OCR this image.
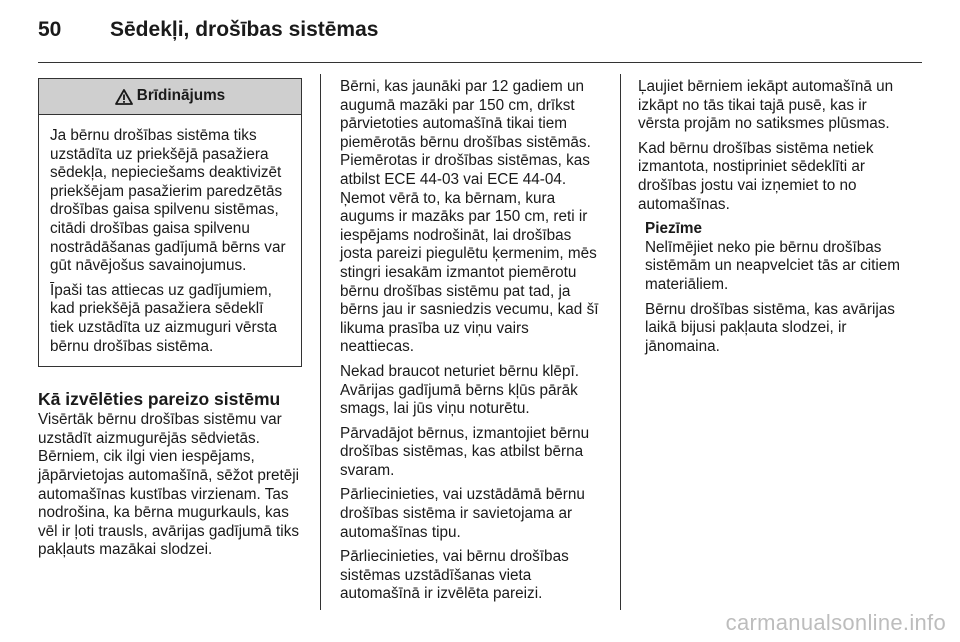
50	Sēdekļi, drošības sistēmas
Brīdinājums

Ja bērnu drošības sistēma tiks uzstādīta uz priekšējā pasažiera sēdekļa, nepieciešams deaktivizēt priekšējam pasažierim paredzētās drošības gaisa spilvenu sistēmas, citādi drošības gaisa spilvenu nostrādāšanas gadījumā bērns var gūt nāvējošus savainojumus.

Īpaši tas attiecas uz gadījumiem, kad priekšējā pasažiera sēdeklī tiek uzstādīta uz aizmuguri vērsta bērnu drošības sistēma.

Kā izvēlēties pareizo sistēmu

Visērtāk bērnu drošības sistēmu var uzstādīt aizmugurējās sēdvietās. Bērniem, cik ilgi vien iespējams, jāpārvietojas automašīnā, sēžot pretēji automašīnas kustības virzienam. Tas nodrošina, ka bērna mugurkauls, kas vēl ir ļoti trausls, avārijas gadījumā tiks pakļauts mazākai slodzei.

Bērni, kas jaunāki par 12 gadiem un augumā mazāki par 150 cm, drīkst pārvietoties automašīnā tikai tiem piemērotās bērnu drošības sistēmās. Piemērotas ir drošības sistēmas, kas atbilst ECE 44-03 vai ECE 44-04. Ņemot vērā to, ka bērnam, kura augums ir mazāks par 150 cm, reti ir iespējams nodrošināt, lai drošības josta pareizi piegulētu ķermenim, mēs stingri iesakām izmantot piemērotu bērnu drošības sistēmu pat tad, ja bērns jau ir sasniedzis vecumu, kad šī likuma prasība uz viņu vairs neattiecas.

Nekad braucot neturiet bērnu klēpī. Avārijas gadījumā bērns kļūs pārāk smags, lai jūs viņu noturētu.

Pārvadājot bērnus, izmantojiet bērnu drošības sistēmas, kas atbilst bērna svaram.

Pārliecinieties, vai uzstādāmā bērnu drošības sistēma ir savietojama ar automašīnas tipu.

Pārliecinieties, vai bērnu drošības sistēmas uzstādīšanas vieta automašīnā ir izvēlēta pareizi.

Ļaujiet bērniem iekāpt automašīnā un izkāpt no tās tikai tajā pusē, kas ir vērsta projām no satiksmes plūsmas.

Kad bērnu drošības sistēma netiek izmantota, nostipriniet sēdeklīti ar drošības jostu vai izņemiet to no automašīnas.

Piezīme

Nelīmējiet neko pie bērnu drošības sistēmām un neapvelciet tās ar citiem materiāliem.

Bērnu drošības sistēma, kas avārijas laikā bijusi pakļauta slodzei, ir jānomaina.

carmanualsonline.info
